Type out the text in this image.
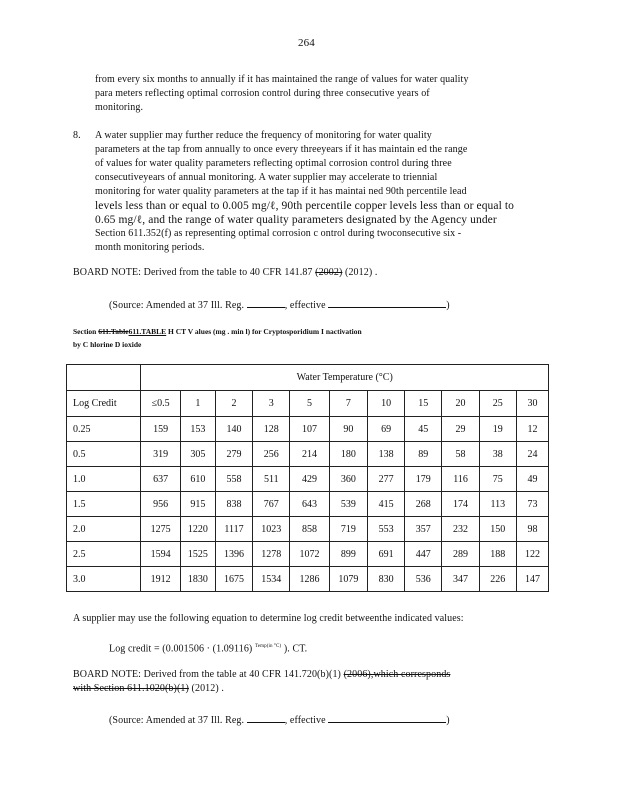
264
from every six months to annually if it has maintained the range of values for water quality
para meters reflecting optimal corrosion control during three consecutive years of
monitoring.
8. A water supplier may further reduce the frequency of monitoring for water quality
parameters at the tap from annually to once every threeyears if it has maintain ed the range
of values for water quality parameters reflecting optimal corrosion control during three
consecutiveyears of annual monitoring. A water supplier may accelerate to triennial
monitoring for water quality parameters at the tap if it has maintai ned 90th percentile lead
levels less than or equal to 0.005 mg/ℓ, 90th percentile copper levels less than or equal to
0.65 mg/ℓ, and the range of water quality parameters designated by the Agency under
Section 611.352(f) as representing optimal corrosion c ontrol during twoconsecutive six -
month monitoring periods.
BOARD NOTE: Derived from the table to 40 CFR 141.87 (2002) (2012) .
(Source: Amended at 37 Ill. Reg.	, effective	)
Section 611.Table611.TABLE H CT V alues (mg . min l) for Cryptosporidium I nactivation
by C hlorine D ioxide
	Water Temperature (°C)										
Log Credit	≤0.5	1	2	3	5	7	10	15	20	25	30
0.25	159	153	140	128	107	90	69	45	29	19	12
0.5	319	305	279	256	214	180	138	89	58	38	24
1.0	637	610	558	511	429	360	277	179	116	75	49
1.5	956	915	838	767	643	539	415	268	174	113	73
2.0	1275	1220	1117	1023	858	719	553	357	232	150	98
2.5	1594	1525	1396	1278	1072	899	691	447	289	188	122
3.0	1912	1830	1675	1534	1286	1079	830	536	347	226	147
A supplier may use the following equation to determine log credit betweenthe indicated values:
Log credit = (0.001506 · (1.09116) $^{Temp(in ^\circ C)}$ ). CT.
BOARD NOTE: Derived from the table at 40 CFR 141.720(b)(1) (2006),which corresponds
with Section 611.1020(b)(1) (2012) .
(Source: Amended at 37 Ill. Reg.	, effective	)
